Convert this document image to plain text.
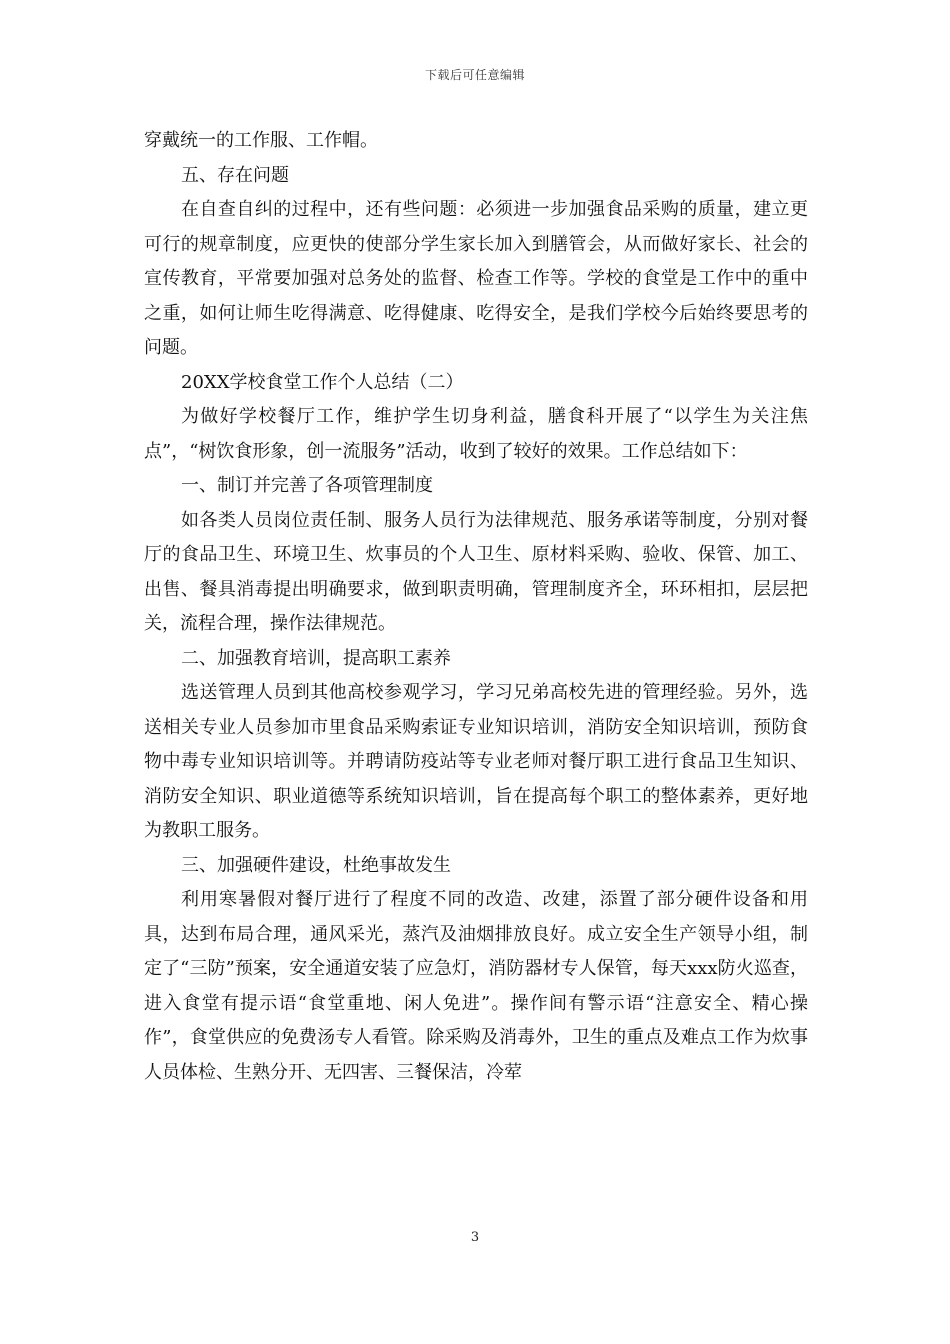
下载后可任意编辑

穿戴统一的工作服、工作帽。

五、存在问题

在自查自纠的过程中，还有些问题：必须进一步加强食品采购的质量，建立更可行的规章制度，应更快的使部分学生家长加入到膳管会，从而做好家长、社会的宣传教育，平常要加强对总务处的监督、检查工作等。学校的食堂是工作中的重中之重，如何让师生吃得满意、吃得健康、吃得安全，是我们学校今后始终要思考的问题。

20XX学校食堂工作个人总结（二）

为做好学校餐厅工作，维护学生切身利益，膳食科开展了“以学生为关注焦点”，“树饮食形象，创一流服务”活动，收到了较好的效果。工作总结如下：

一、制订并完善了各项管理制度

如各类人员岗位责任制、服务人员行为法律规范、服务承诺等制度，分别对餐厅的食品卫生、环境卫生、炊事员的个人卫生、原材料采购、验收、保管、加工、出售、餐具消毒提出明确要求，做到职责明确，管理制度齐全，环环相扣，层层把关，流程合理，操作法律规范。

二、加强教育培训，提高职工素养

选送管理人员到其他高校参观学习，学习兄弟高校先进的管理经验。另外，选送相关专业人员参加市里食品采购索证专业知识培训，消防安全知识培训，预防食物中毒专业知识培训等。并聘请防疫站等专业老师对餐厅职工进行食品卫生知识、消防安全知识、职业道德等系统知识培训，旨在提高每个职工的整体素养，更好地为教职工服务。

三、加强硬件建设，杜绝事故发生

利用寒暑假对餐厅进行了程度不同的改造、改建，添置了部分硬件设备和用具，达到布局合理，通风采光，蒸汽及油烟排放良好。成立安全生产领导小组，制定了“三防”预案，安全通道安装了应急灯，消防器材专人保管，每天xxx防火巡查，进入食堂有提示语“食堂重地、闲人免进”。操作间有警示语“注意安全、精心操作”，食堂供应的免费汤专人看管。除采购及消毒外，卫生的重点及难点工作为炊事人员体检、生熟分开、无四害、三餐保洁，冷荤

3
